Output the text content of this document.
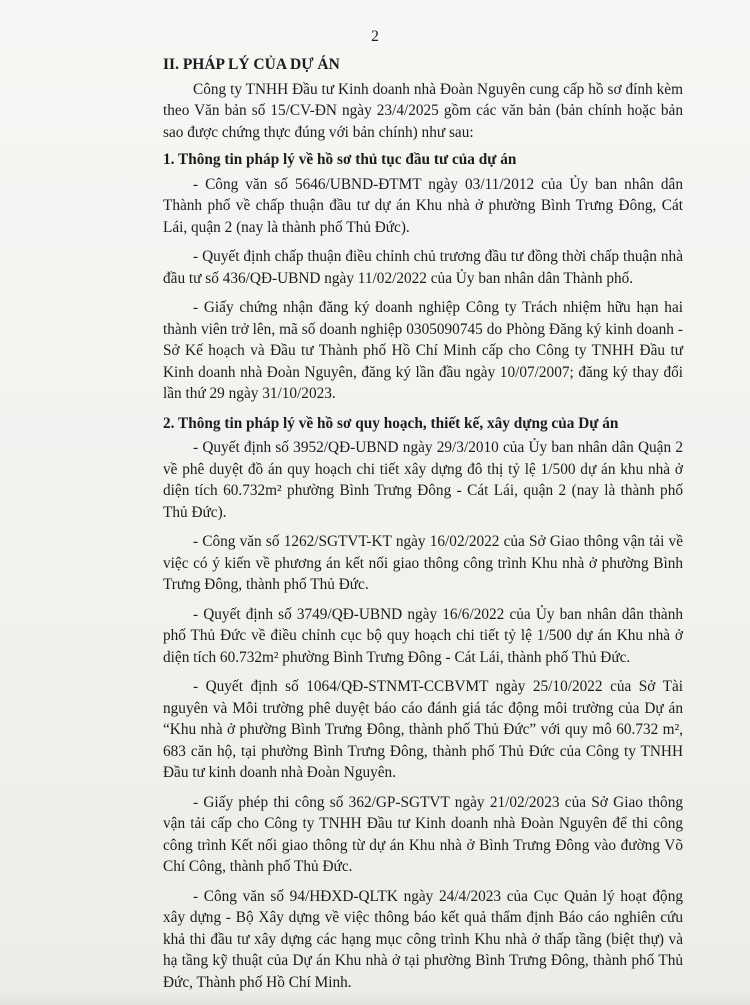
2
II. PHÁP LÝ CỦA DỰ ÁN

Công ty TNHH Đầu tư Kinh doanh nhà Đoàn Nguyên cung cấp hồ sơ đính kèm theo Văn bản số 15/CV-ĐN ngày 23/4/2025 gồm các văn bản (bản chính hoặc bản sao được chứng thực đúng với bản chính) như sau:

1. Thông tin pháp lý về hồ sơ thủ tục đầu tư của dự án

- Công văn số 5646/UBND-ĐTMT ngày 03/11/2012 của Ủy ban nhân dân Thành phố về chấp thuận đầu tư dự án Khu nhà ở phường Bình Trưng Đông, Cát Lái, quận 2 (nay là thành phố Thủ Đức).

- Quyết định chấp thuận điều chỉnh chủ trương đầu tư đồng thời chấp thuận nhà đầu tư số 436/QĐ-UBND ngày 11/02/2022 của Ủy ban nhân dân Thành phố.

- Giấy chứng nhận đăng ký doanh nghiệp Công ty Trách nhiệm hữu hạn hai thành viên trở lên, mã số doanh nghiệp 0305090745 do Phòng Đăng ký kinh doanh - Sở Kế hoạch và Đầu tư Thành phố Hồ Chí Minh cấp cho Công ty TNHH Đầu tư Kinh doanh nhà Đoàn Nguyên, đăng ký lần đầu ngày 10/07/2007; đăng ký thay đổi lần thứ 29 ngày 31/10/2023.

2. Thông tin pháp lý về hồ sơ quy hoạch, thiết kế, xây dựng của Dự án

- Quyết định số 3952/QĐ-UBND ngày 29/3/2010 của Ủy ban nhân dân Quận 2 về phê duyệt đồ án quy hoạch chi tiết xây dựng đô thị tỷ lệ 1/500 dự án khu nhà ở diện tích 60.732m² phường Bình Trưng Đông - Cát Lái, quận 2 (nay là thành phố Thủ Đức).

- Công văn số 1262/SGTVT-KT ngày 16/02/2022 của Sở Giao thông vận tải về việc có ý kiến về phương án kết nối giao thông công trình Khu nhà ở phường Bình Trưng Đông, thành phố Thủ Đức.

- Quyết định số 3749/QĐ-UBND ngày 16/6/2022 của Ủy ban nhân dân thành phố Thủ Đức về điều chỉnh cục bộ quy hoạch chi tiết tỷ lệ 1/500 dự án Khu nhà ở diện tích 60.732m² phường Bình Trưng Đông - Cát Lái, thành phố Thủ Đức.

- Quyết định số 1064/QĐ-STNMT-CCBVMT ngày 25/10/2022 của Sở Tài nguyên và Môi trường phê duyệt báo cáo đánh giá tác động môi trường của Dự án “Khu nhà ở phường Bình Trưng Đông, thành phố Thủ Đức” với quy mô 60.732 m², 683 căn hộ, tại phường Bình Trưng Đông, thành phố Thủ Đức của Công ty TNHH Đầu tư kinh doanh nhà Đoàn Nguyên.

- Giấy phép thi công số 362/GP-SGTVT ngày 21/02/2023 của Sở Giao thông vận tải cấp cho Công ty TNHH Đầu tư Kinh doanh nhà Đoàn Nguyên để thi công công trình Kết nối giao thông từ dự án Khu nhà ở Bình Trưng Đông vào đường Võ Chí Công, thành phố Thủ Đức.

- Công văn số 94/HĐXD-QLTK ngày 24/4/2023 của Cục Quản lý hoạt động xây dựng - Bộ Xây dựng về việc thông báo kết quả thẩm định Báo cáo nghiên cứu khả thi đầu tư xây dựng các hạng mục công trình Khu nhà ở thấp tầng (biệt thự) và hạ tầng kỹ thuật của Dự án Khu nhà ở tại phường Bình Trưng Đông, thành phố Thủ Đức, Thành phố Hồ Chí Minh.
